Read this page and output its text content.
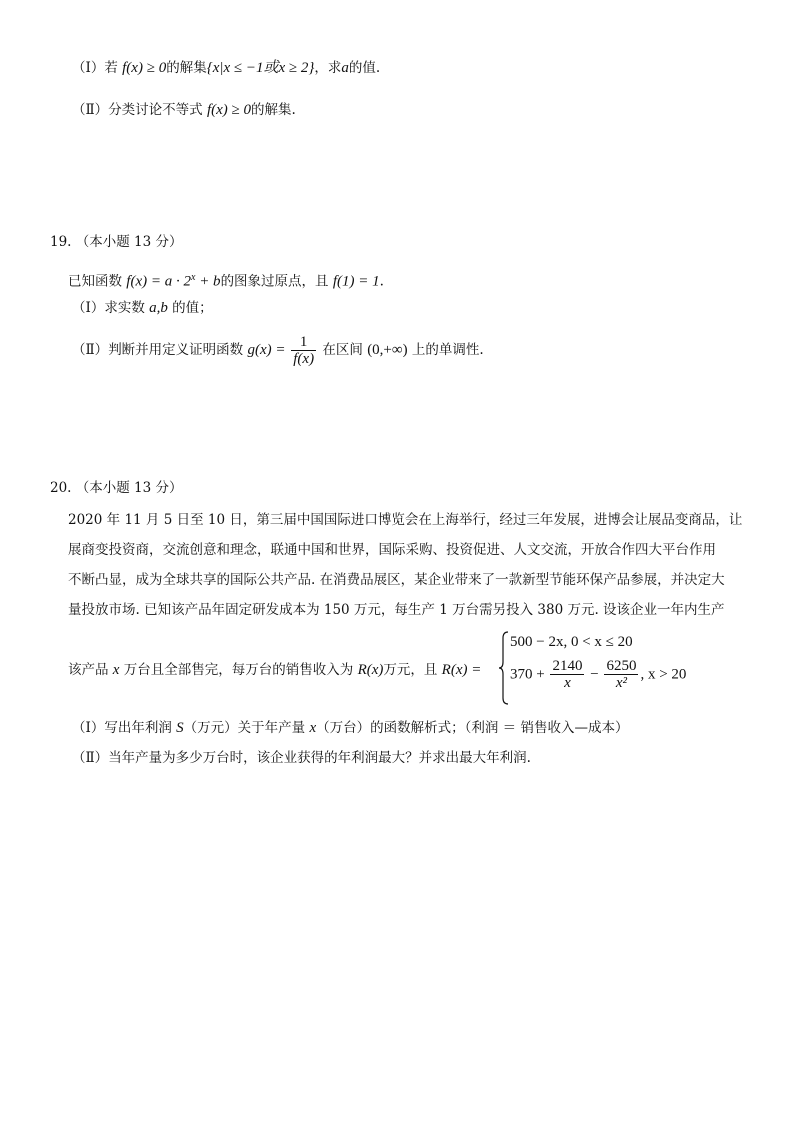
（Ⅰ）若 f(x) ≥ 0的解集{x|x ≤ −1或x ≥ 2}，求a的值.
（Ⅱ）分类讨论不等式 f(x) ≥ 0的解集.
19. （本小题 13 分）
已知函数 $f(x) = a \cdot 2^x + b$的图象过原点，且 f(1) = 1.
（Ⅰ）求实数 a,b 的值；
（Ⅱ）判断并用定义证明函数 $g(x) = \frac{1}{f(x)}$ 在区间 (0,+∞) 上的单调性.
20. （本小题 13 分）
2020 年 11 月 5 日至 10 日，第三届中国国际进口博览会在上海举行，经过三年发展，进博会让展品变商品，让
展商变投资商，交流创意和理念，联通中国和世界，国际采购、投资促进、人文交流，开放合作四大平台作用
不断凸显，成为全球共享的国际公共产品. 在消费品展区，某企业带来了一款新型节能环保产品参展，并决定大
量投放市场. 已知该产品年固定研发成本为 150 万元，每生产 1 万台需另投入 380 万元. 设该企业一年内生产
该产品 x 万台且全部售完，每万台的销售收入为 R(x)万元，且 R(x) =
500 − 2x, 0 < x ≤ 20
$370 + \frac{2140}{x} - \frac{6250}{\text{x²}}$ , x > 20
（Ⅰ）写出年利润 S（万元）关于年产量 x（万台）的函数解析式；（利润 ＝ 销售收入—成本）
（Ⅱ）当年产量为多少万台时，该企业获得的年利润最大？并求出最大年利润.
